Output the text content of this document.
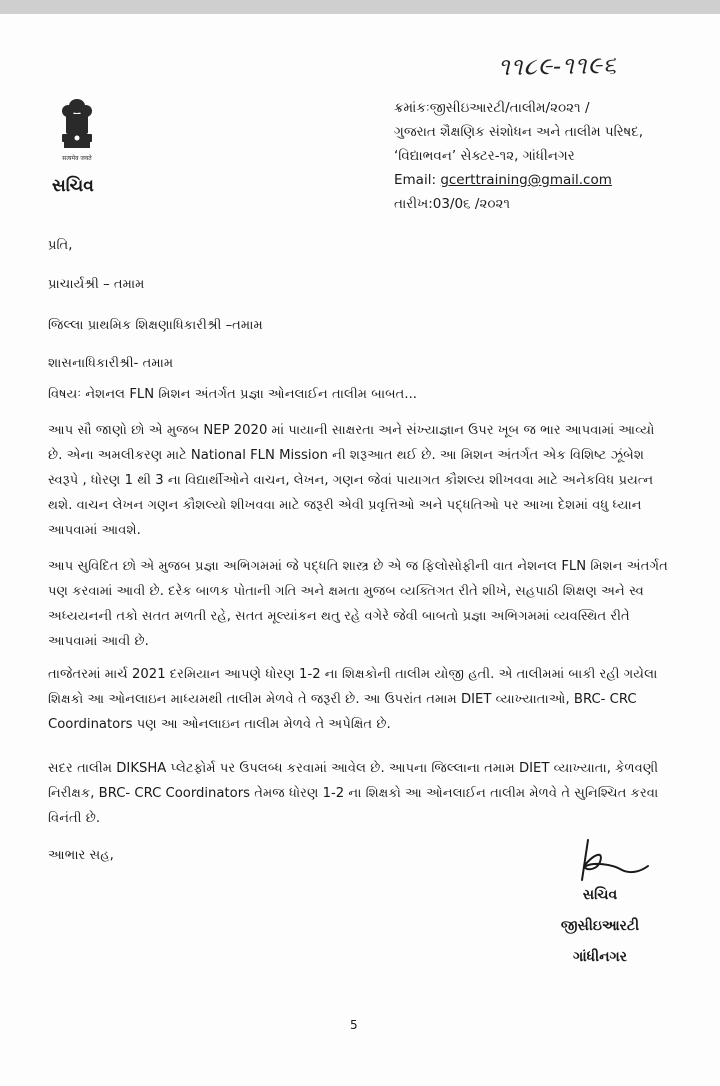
૧૧૮૯-૧૧૯૬
सत्यमेव जयते
સચિવ
ક્રમાંકઃજીસીઇઆરટી/તાલીમ/૨૦૨૧ /
ગુજરાત શૈક્ષણિક સંશોધન અને તાલીમ પરિષદ,
‘વિદ્યાભવન’ સેક્ટર-૧૨, ગાંધીનગર
Email: gcerttraining@gmail.com
તારીખ:03/0૬ /૨૦૨૧
પ્રતિ,
પ્રાચાર્યશ્રી – તમામ
જિલ્લા પ્રાથમિક શિક્ષણાધિકારીશ્રી –તમામ
શાસનાધિકારીશ્રી- તમામ
વિષયઃ નેશનલ FLN મિશન અંતર્ગત પ્રજ્ઞા ઓનલાઈન તાલીમ બાબત...
આપ સૌ જાણો છો એ મુજબ NEP 2020 માં પાયાની સાક્ષરતા અને સંખ્યાજ્ઞાન ઉપર ખૂબ જ ભાર આપવામાં આવ્યો છે. એના અમલીકરણ માટે National FLN Mission ની શરૂઆત થઈ છે. આ મિશન અંતર્ગત એક વિશિષ્ટ ઝૂંબેશ સ્વરૂપે , ધોરણ 1 થી 3 ના વિદ્યાર્થીઓને વાચન, લેખન, ગણન જેવાં પાયાગત કૌશલ્ય શીખવવા માટે અનેકવિધ પ્રયત્ન થશે. વાચન લેખન ગણન કૌશલ્યો શીખવવા માટે જરૂરી એવી પ્રવૃત્તિઓ અને પદ્ધતિઓ પર આખા દેશમાં વધુ ધ્યાન આપવામાં આવશે.
આપ સુવિદિત છો એ મુજબ પ્રજ્ઞા અભિગમમાં જે પદ્ધતિ શાસ્ત્ર છે એ જ ફિલોસોફીની વાત નેશનલ FLN મિશન અંતર્ગત પણ કરવામાં આવી છે. દરેક બાળક પોતાની ગતિ અને ક્ષમતા મુજબ વ્યક્તિગત રીતે શીખે, સહપાઠી શિક્ષણ અને સ્વ અધ્યયનની તકો સતત મળતી રહે, સતત મૂલ્યાંકન થતુ રહે વગેરે જેવી બાબતો પ્રજ્ઞા અભિગમમાં વ્યવસ્થિત રીતે આપવામાં આવી છે.
તાજેતરમાં માર્ચ 2021 દરમિયાન આપણે ધોરણ 1-2 ના શિક્ષકોની તાલીમ યોજી હતી. એ તાલીમમાં બાકી રહી ગયેલા શિક્ષકો આ ઓનલાઇન માધ્યમથી તાલીમ મેળવે તે જરૂરી છે. આ ઉપરાંત તમામ DIET વ્યાખ્યાતાઓ, BRC- CRC Coordinators પણ આ ઓનલાઇન તાલીમ મેળવે તે અપેક્ષિત છે.
સદર તાલીમ DIKSHA પ્લેટફોર્મ પર ઉપલબ્ધ કરવામાં આવેલ છે. આપના જિલ્લાના તમામ DIET વ્યાખ્યાતા, કેળવણી નિરીક્ષક, BRC- CRC Coordinators તેમજ ધોરણ 1-2 ના શિક્ષકો આ ઓનલાઈન તાલીમ મેળવે તે સુનિશ્ચિત કરવા વિનંતી છે.
આભાર સહ,
સચિવ
જીસીઇઆરટી
ગાંધીનગર
5
